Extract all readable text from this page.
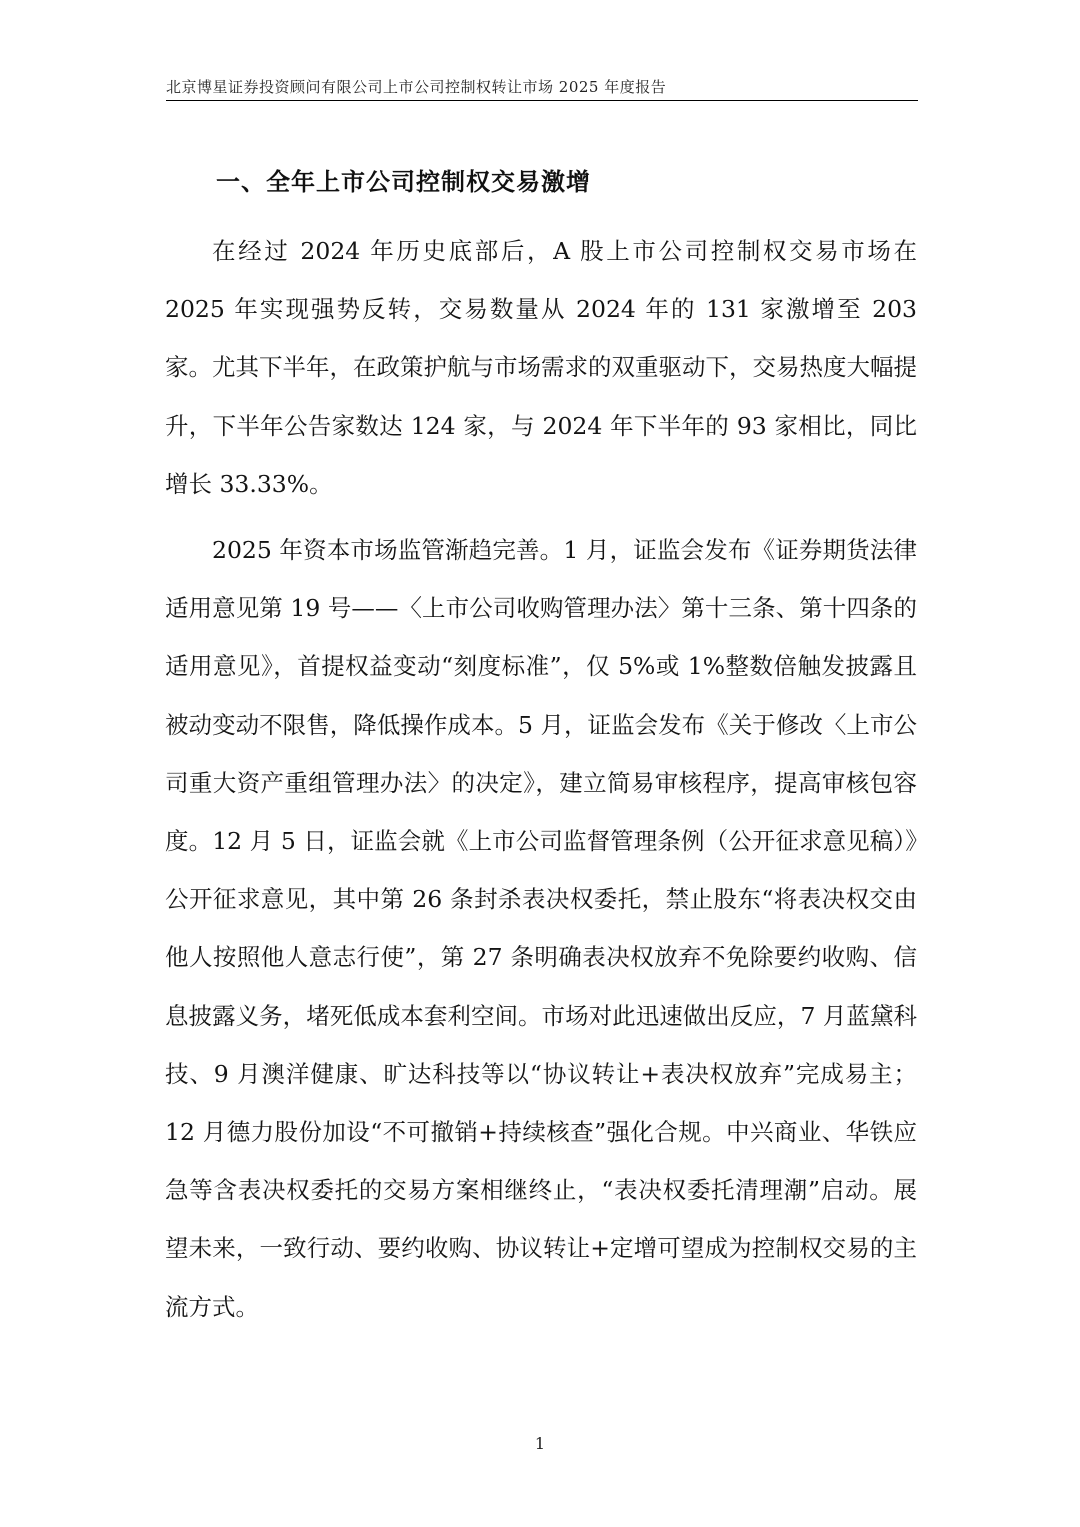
北京博星证券投资顾问有限公司上市公司控制权转让市场 2025 年度报告
一、全年上市公司控制权交易激增

在经过 2024 年历史底部后，A 股上市公司控制权交易市场在 2025 年实现强势反转，交易数量从 2024 年的 131 家激增至 203 家。尤其下半年，在政策护航与市场需求的双重驱动下，交易热度大幅提升，下半年公告家数达 124 家，与 2024 年下半年的 93 家相比，同比增长 33.33%。

2025 年资本市场监管渐趋完善。1 月，证监会发布《证券期货法律适用意见第 19 号——〈上市公司收购管理办法〉第十三条、第十四条的适用意见》，首提权益变动“刻度标准”，仅 5%或 1%整数倍触发披露且被动变动不限售，降低操作成本。5 月，证监会发布《关于修改〈上市公司重大资产重组管理办法〉的决定》，建立简易审核程序，提高审核包容度。12 月 5 日，证监会就《上市公司监督管理条例（公开征求意见稿）》公开征求意见，其中第 26 条封杀表决权委托，禁止股东“将表决权交由他人按照他人意志行使”，第 27 条明确表决权放弃不免除要约收购、信息披露义务，堵死低成本套利空间。市场对此迅速做出反应，7 月蓝黛科技、9 月澳洋健康、旷达科技等以“协议转让+表决权放弃”完成易主；12 月德力股份加设“不可撤销+持续核查”强化合规。中兴商业、华铁应急等含表决权委托的交易方案相继终止，“表决权委托清理潮”启动。展望未来，一致行动、要约收购、协议转让+定增可望成为控制权交易的主流方式。

1
